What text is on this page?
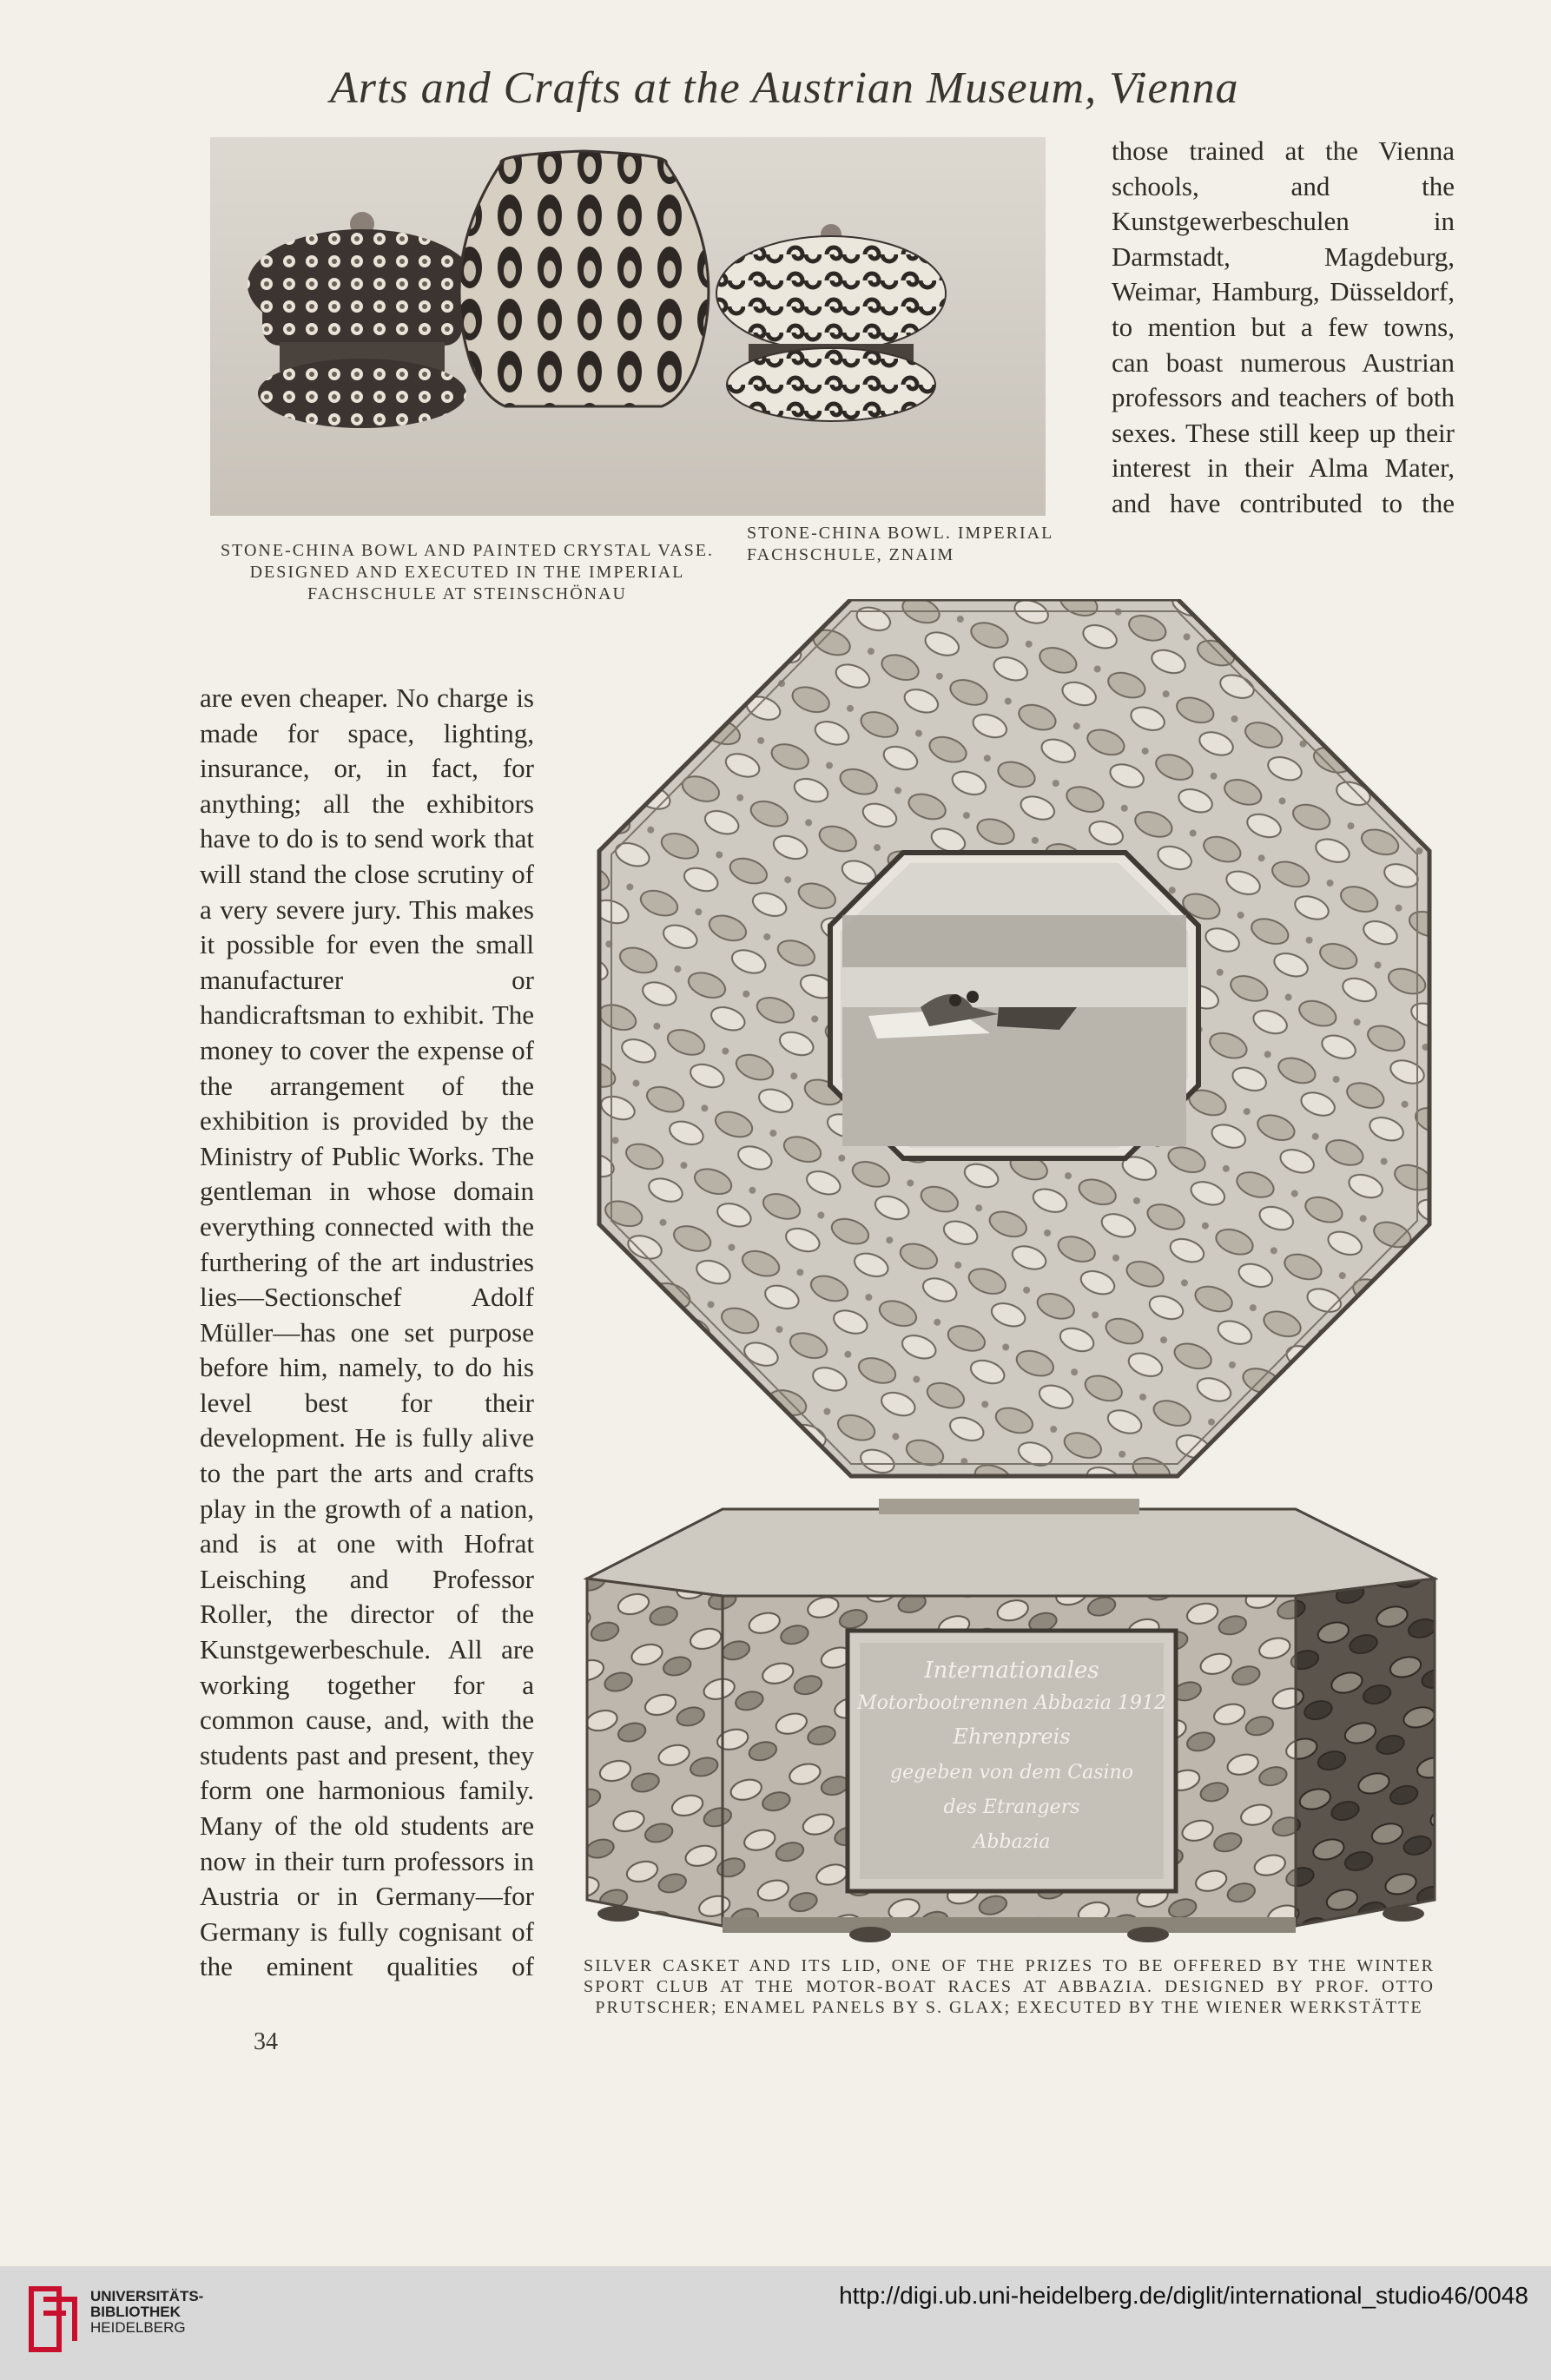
Arts and Crafts at the Austrian Museum, Vienna
STONE-CHINA BOWL AND PAINTED CRYSTAL VASE. DESIGNED AND EXECUTED IN THE IMPERIAL FACHSCHULE AT STEINSCHÖNAU
STONE-CHINA BOWL. IMPERIAL FACHSCHULE, ZNAIM

those trained at the Vienna schools, and the Kunstgewerbeschulen in Darmstadt, Magdeburg, Weimar, Hamburg, Düsseldorf, to mention but a few towns, can boast numerous Austrian professors and teachers of both sexes. These still keep up their interest in their Alma Mater, and have contributed to the

are even cheaper. No charge is made for space, lighting, insurance, or, in fact, for anything; all the exhibitors have to do is to send work that will stand the close scrutiny of a very severe jury. This makes it possible for even the small manufacturer or handicraftsman to exhibit. The money to cover the expense of the arrangement of the exhibition is provided by the Ministry of Public Works. The gentleman in whose domain everything connected with the furthering of the art industries lies—Sectionschef Adolf Müller—has one set purpose before him, namely, to do his level best for their development. He is fully alive to the part the arts and crafts play in the growth of a nation, and is at one with Hofrat Leisching and Professor Roller, the director of the Kunstgewerbeschule. All are working together for a common cause, and, with the students past and present, they form one harmonious family. Many of the old students are now in their turn professors in Austria or in Germany—for Germany is fully cognisant of the eminent qualities of

Internationales
Motorbootrennen Abbazia 1912
Ehrenpreis
gegeben von dem Casino
des Etrangers
Abbazia
SILVER CASKET AND ITS LID, ONE OF THE PRIZES TO BE OFFERED BY THE WINTER SPORT CLUB AT THE MOTOR-BOAT RACES AT ABBAZIA. DESIGNED BY PROF. OTTO PRUTSCHER; ENAMEL PANELS BY S. GLAX; EXECUTED BY THE WIENER WERKSTÄTTE
34
UNIVERSITÄTS-
BIBLIOTHEK
HEIDELBERG
http://digi.ub.uni-heidelberg.de/diglit/international_studio46/0048
